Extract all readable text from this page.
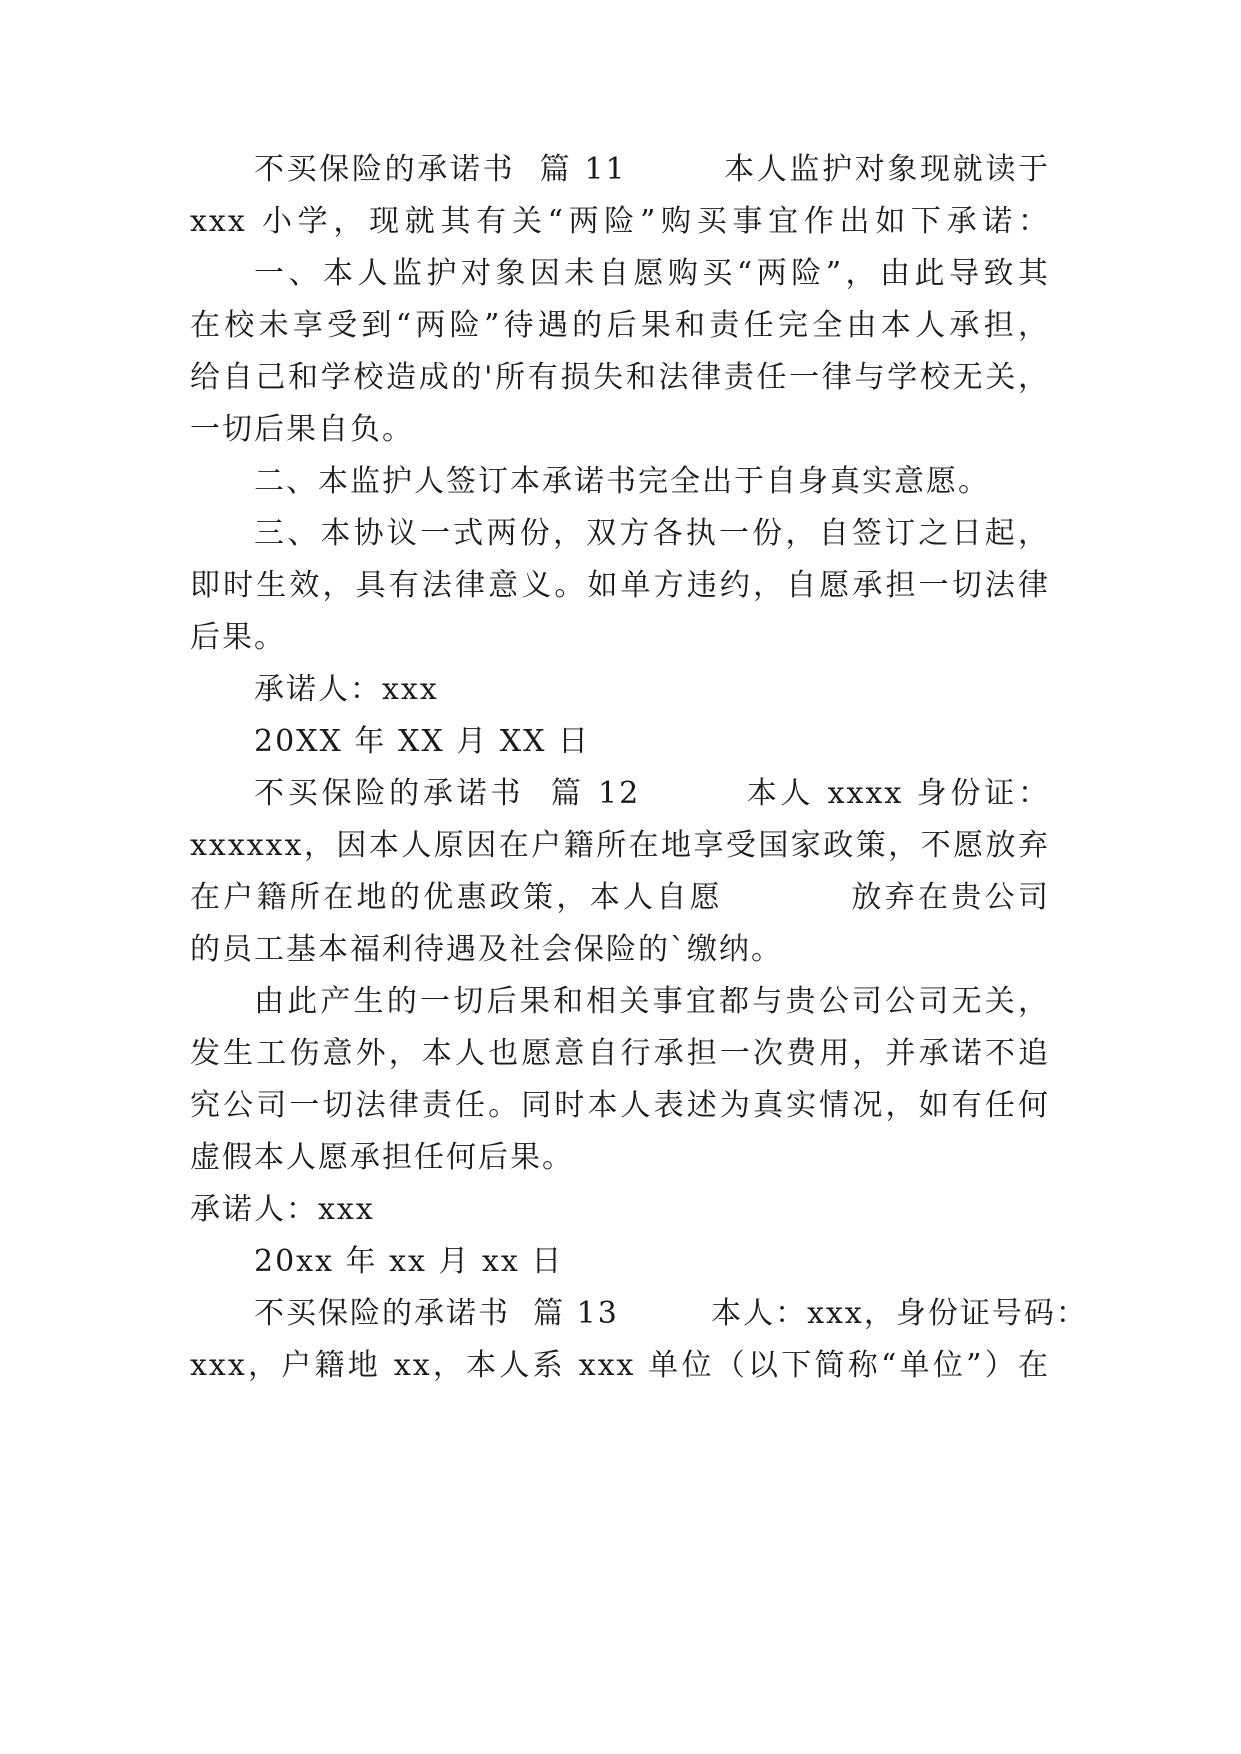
不买保险的承诺书  篇 11        本人监护对象现就读于
xxx 小学，现就其有关“两险”购买事宜作出如下承诺：
一、本人监护对象因未自愿购买“两险”，由此导致其
在校未享受到“两险”待遇的后果和责任完全由本人承担，
给自己和学校造成的'所有损失和法律责任一律与学校无关，
一切后果自负。
二、本监护人签订本承诺书完全出于自身真实意愿。
三、本协议一式两份，双方各执一份，自签订之日起，
即时生效，具有法律意义。如单方违约，自愿承担一切法律
后果。
承诺人：xxx
20XX 年 XX 月 XX 日
不买保险的承诺书  篇 12        本人 xxxx 身份证：
xxxxxx，因本人原因在户籍所在地享受国家政策，不愿放弃
在户籍所在地的优惠政策，本人自愿          放弃在贵公司
的员工基本福利待遇及社会保险的`缴纳。
由此产生的一切后果和相关事宜都与贵公司公司无关，
发生工伤意外，本人也愿意自行承担一次费用，并承诺不追
究公司一切法律责任。同时本人表述为真实情况，如有任何
虚假本人愿承担任何后果。
承诺人：xxx
20xx 年 xx 月 xx 日
不买保险的承诺书  篇 13        本人：xxx，身份证号码：
xxx，户籍地 xx，本人系 xxx 单位（以下简称“单位”）在
